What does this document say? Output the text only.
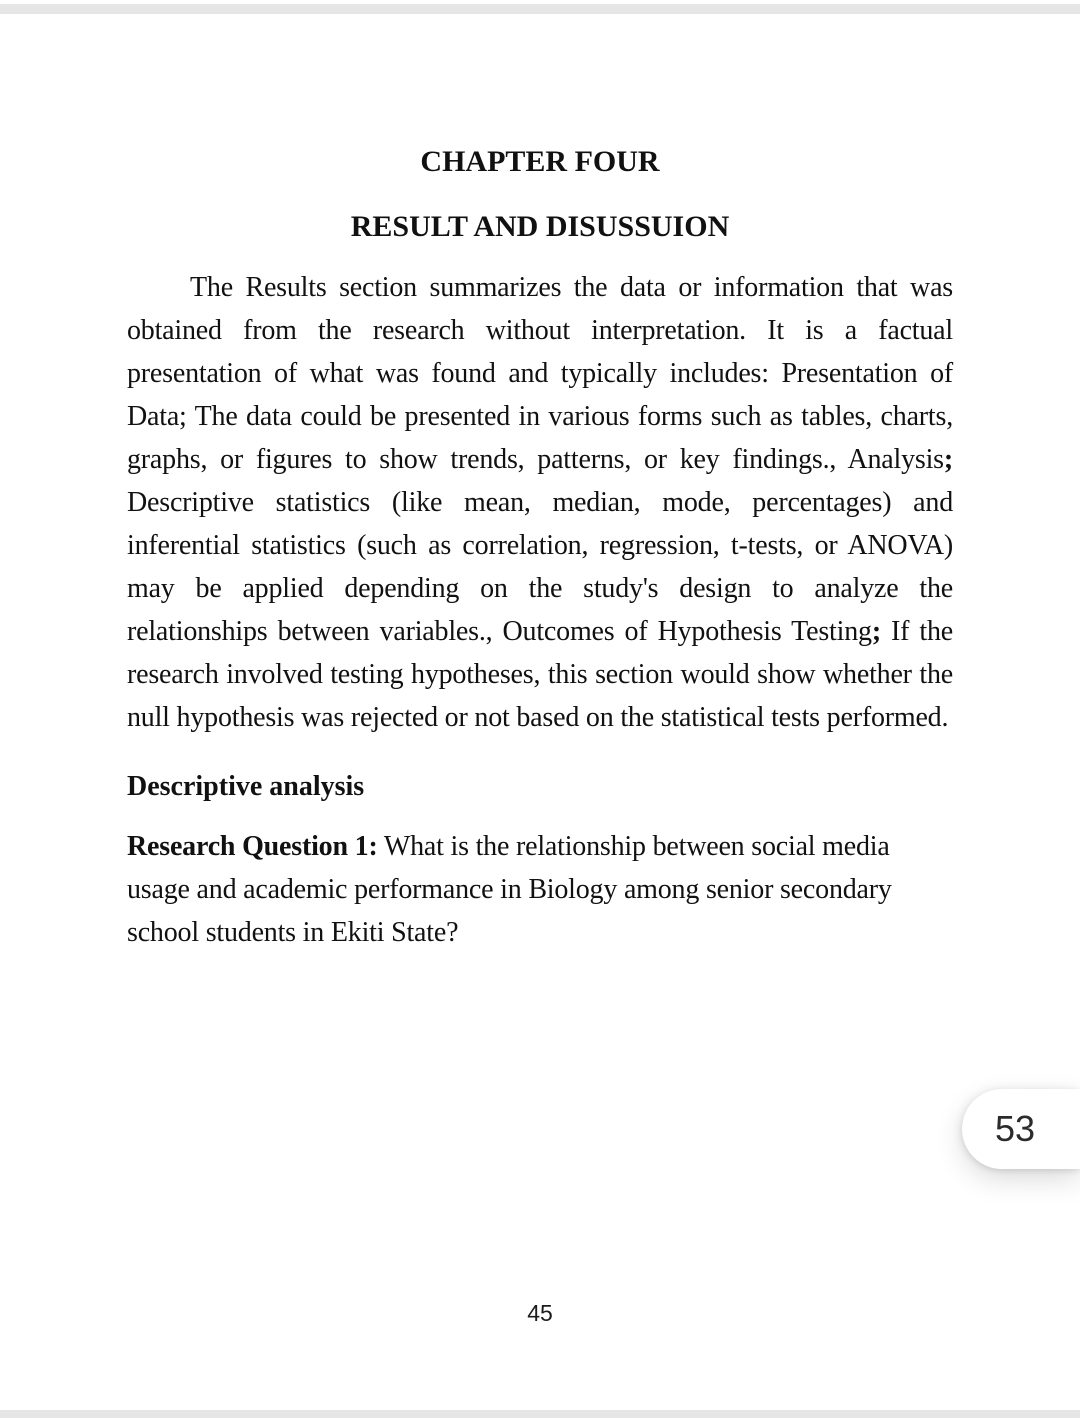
CHAPTER FOUR
RESULT AND DISUSSUION

The Results section summarizes the data or information that was obtained from the research without interpretation. It is a factual presentation of what was found and typically includes: Presentation of Data; The data could be presented in various forms such as tables, charts, graphs, or figures to show trends, patterns, or key findings., Analysis; Descriptive statistics (like mean, median, mode, percentages) and inferential statistics (such as correlation, regression, t-tests, or ANOVA) may be applied depending on the study's design to analyze the relationships between variables., Outcomes of Hypothesis Testing; If the research involved testing hypotheses, this section would show whether the null hypothesis was rejected or not based on the statistical tests performed.

Descriptive analysis

Research Question 1: What is the relationship between social media usage and academic performance in Biology among senior secondary school students in Ekiti State?

53
45
